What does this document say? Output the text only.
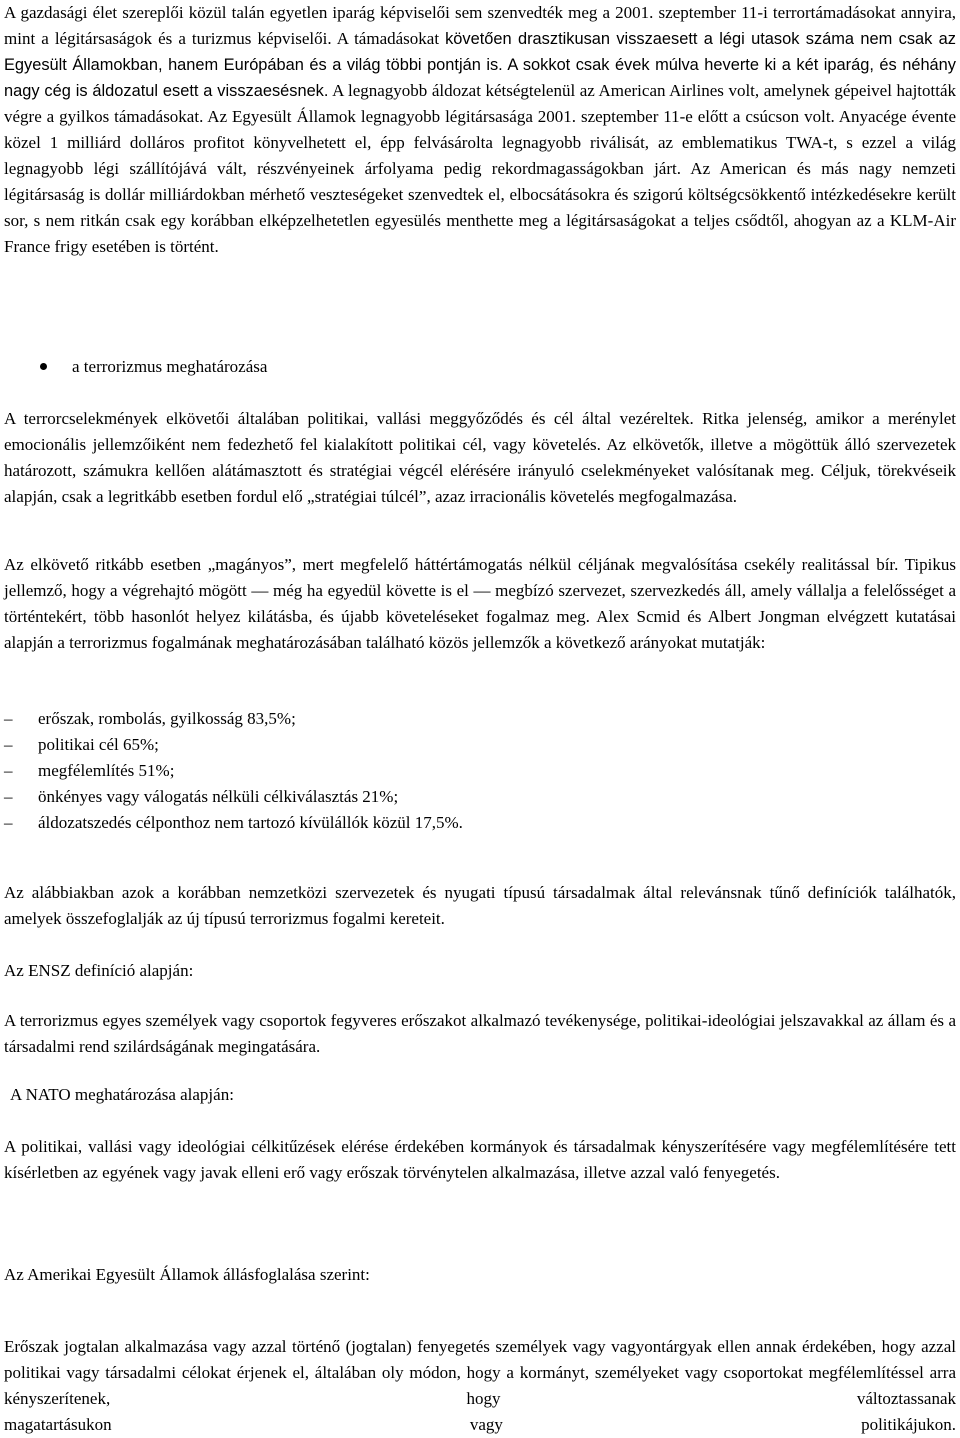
A gazdasági élet szereplői közül talán egyetlen iparág képviselői sem szenvedték meg a 2001. szeptember 11-i terrortámadásokat annyira, mint a légitársaságok és a turizmus képviselői. A támadásokat követően drasztikusan visszaesett a légi utasok száma nem csak az Egyesült Államokban, hanem Európában és a világ többi pontján is. A sokkot csak évek múlva heverte ki a két iparág, és néhány nagy cég is áldozatul esett a visszaesésnek. A legnagyobb áldozat kétségtelenül az American Airlines volt, amelynek gépeivel hajtották végre a gyilkos támadásokat. Az Egyesült Államok legnagyobb légitársasága 2001. szeptember 11-e előtt a csúcson volt. Anyacége évente közel 1 milliárd dolláros profitot könyvelhetett el, épp felvásárolta legnagyobb riválisát, az emblematikus TWA-t, s ezzel a világ legnagyobb légi szállítójává vált, részvényeinek árfolyama pedig rekordmagasságokban járt. Az American és más nagy nemzeti légitársaság is dollár milliárdokban mérhető veszteségeket szenvedtek el, elbocsátásokra és szigorú költségcsökkentő intézkedésekre került sor, s nem ritkán csak egy korábban elképzelhetetlen egyesülés menthette meg a légitársaságokat a teljes csődtől, ahogyan az a KLM-Air France frigy esetében is történt.

a terrorizmus meghatározása

A terrorcselekmények elkövetői általában politikai, vallási meggyőződés és cél által vezéreltek. Ritka jelenség, amikor a merénylet emocionális jellemzőiként nem fedezhető fel kialakított politikai cél, vagy követelés. Az elkövetők, illetve a mögöttük álló szervezetek határozott, számukra kellően alátámasztott és stratégiai végcél elérésére irányuló cselekményeket valósítanak meg. Céljuk, törekvéseik alapján, csak a legritkább esetben fordul elő „stratégiai túlcél”, azaz irracionális követelés megfogalmazása.

Az elkövető ritkább esetben „magányos”, mert megfelelő háttértámogatás nélkül céljának megvalósítása csekély realitással bír. Tipikus jellemző, hogy a végrehajtó mögött — még ha egyedül követte is el — megbízó szervezet, szervezkedés áll, amely vállalja a felelősséget a történtekért, több hasonlót helyez kilátásba, és újabb követeléseket fogalmaz meg. Alex Scmid és Albert Jongman elvégzett kutatásai alapján a terrorizmus fogalmának meghatározásában található közös jellemzők a következő arányokat mutatják:

– erőszak, rombolás, gyilkosság 83,5%;
– politikai cél 65%;
– megfélemlítés 51%;
– önkényes vagy válogatás nélküli célkiválasztás 21%;
– áldozatszedés célponthoz nem tartozó kívülállók közül 17,5%.

Az alábbiakban azok a korábban nemzetközi szervezetek és nyugati típusú társadalmak által relevánsnak tűnő definíciók találhatók, amelyek összefoglalják az új típusú terrorizmus fogalmi kereteit.

Az ENSZ definíció alapján:

A terrorizmus egyes személyek vagy csoportok fegyveres erőszakot alkalmazó tevékenysége, politikai-ideológiai jelszavakkal az állam és a társadalmi rend szilárdságának megingatására.

A NATO meghatározása alapján:

A politikai, vallási vagy ideológiai célkitűzések elérése érdekében kormányok és társadalmak kényszerítésére vagy megfélemlítésére tett kísérletben az egyének vagy javak elleni erő vagy erőszak törvénytelen alkalmazása, illetve azzal való fenyegetés.

Az Amerikai Egyesült Államok állásfoglalása szerint:

Erőszak jogtalan alkalmazása vagy azzal történő (jogtalan) fenyegetés személyek vagy vagyontárgyak ellen annak érdekében, hogy azzal politikai vagy társadalmi célokat érjenek el, általában oly módon, hogy a kormányt, személyeket vagy csoportokat megfélemlítéssel arra kényszerítenek, hogy változtassanak

magatartásukon	vagy	politikájukon.
